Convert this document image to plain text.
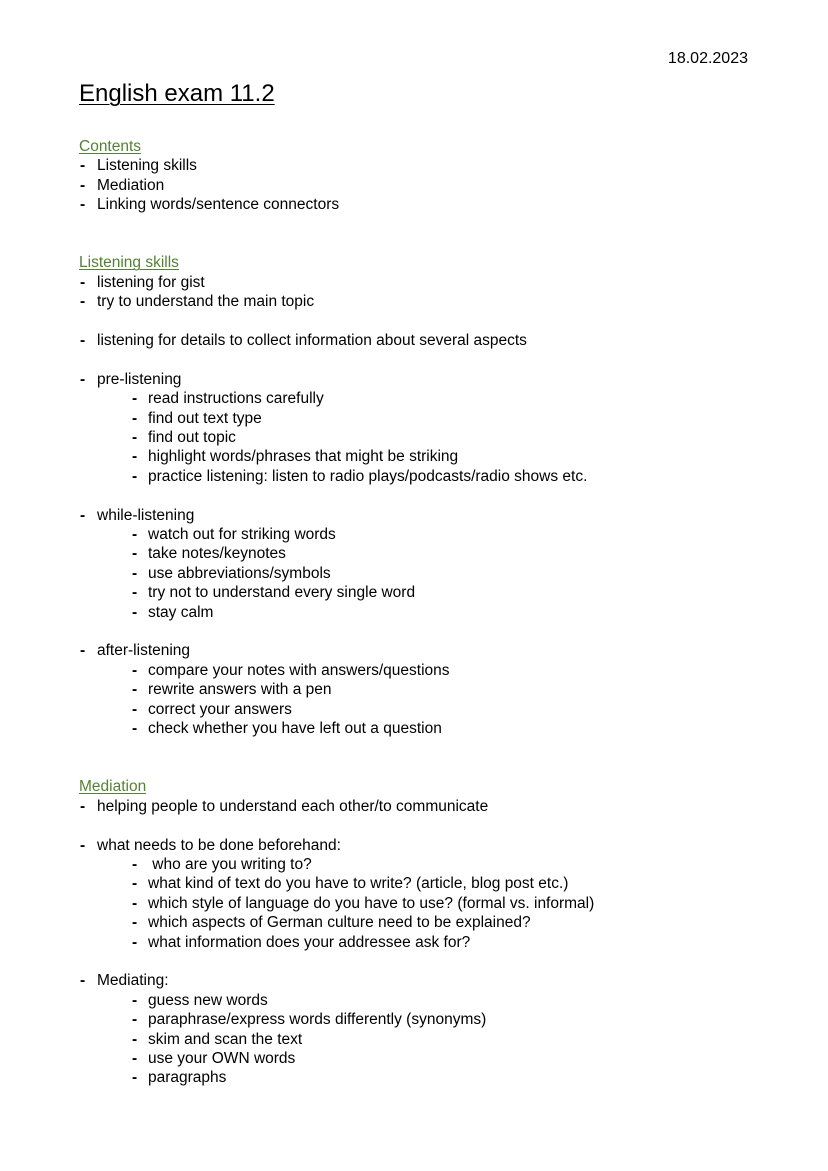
18.02.2023
English exam 11.2
Contents
- Listening skills
- Mediation
- Linking words/sentence connectors
Listening skills
- listening for gist
- try to understand the main topic
- listening for details to collect information about several aspects
- pre-listening
- read instructions carefully
- find out text type
- find out topic
- highlight words/phrases that might be striking
- practice listening: listen to radio plays/podcasts/radio shows etc.
- while-listening
- watch out for striking words
- take notes/keynotes
- use abbreviations/symbols
- try not to understand every single word
- stay calm
- after-listening
- compare your notes with answers/questions
- rewrite answers with a pen
- correct your answers
- check whether you have left out a question
Mediation
- helping people to understand each other/to communicate
- what needs to be done beforehand:
-  who are you writing to?
- what kind of text do you have to write? (article, blog post etc.)
- which style of language do you have to use? (formal vs. informal)
- which aspects of German culture need to be explained?
- what information does your addressee ask for?
- Mediating:
- guess new words
- paraphrase/express words differently (synonyms)
- skim and scan the text
- use your OWN words
- paragraphs
